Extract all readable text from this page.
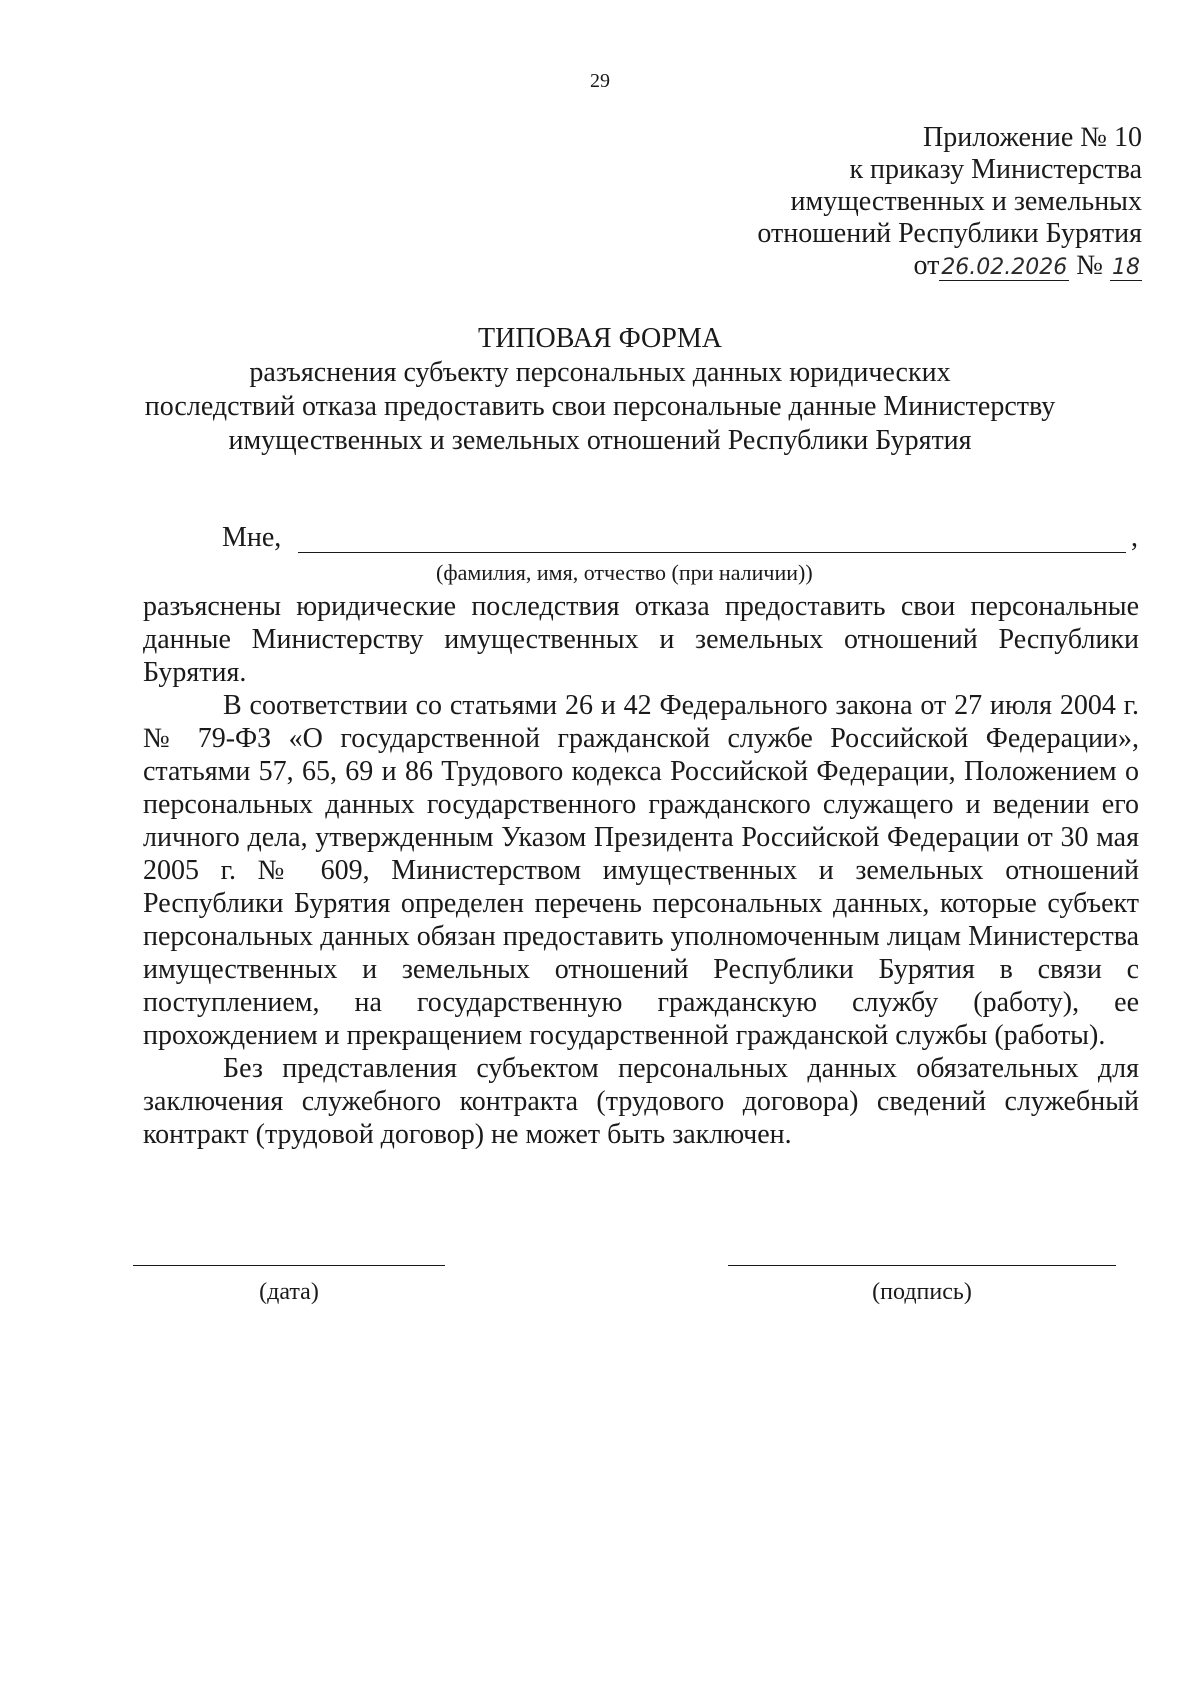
29
Приложение № 10
к приказу Министерства
имущественных и земельных
отношений Республики Бурятия
от26.02.2026 № 18
ТИПОВАЯ ФОРМА
разъяснения субъекту персональных данных юридических
последствий отказа предоставить свои персональные данные Министерству
имущественных и земельных отношений Республики Бурятия
Мне,	,
(фамилия, имя, отчество (при наличии))

разъяснены юридические последствия отказа предоставить свои персональные данные Министерству имущественных и земельных отношений Республики Бурятия.

В соответствии со статьями 26 и 42 Федерального закона от 27 июля 2004 г. № 79-ФЗ «О государственной гражданской службе Российской Федерации», статьями 57, 65, 69 и 86 Трудового кодекса Российской Федерации, Положением о персональных данных государственного гражданского служащего и ведении его личного дела, утвержденным Указом Президента Российской Федерации от 30 мая 2005 г. № 609, Министерством имущественных и земельных отношений Республики Бурятия определен перечень персональных данных, которые субъект персональных данных обязан предоставить уполномоченным лицам Министерства имущественных и земельных отношений Республики Бурятия в связи с поступлением, на государственную гражданскую службу (работу), ее прохождением и прекращением государственной гражданской службы (работы).

Без представления субъектом персональных данных обязательных для заключения служебного контракта (трудового договора) сведений служебный контракт (трудовой договор) не может быть заключен.

(дата)	(подпись)
